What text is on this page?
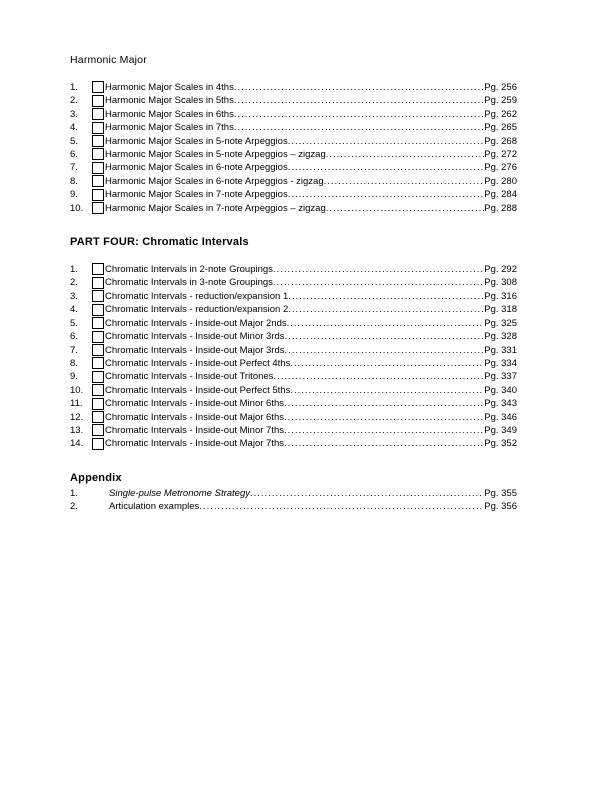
Harmonic Major
1.	Harmonic Major Scales in 4ths .....	Pg. 256
2.	Harmonic Major Scales in 5ths .....	Pg. 259
3.	Harmonic Major Scales in 6ths .....	Pg. 262
4.	Harmonic Major Scales in 7ths .....	Pg. 265
5.	Harmonic Major Scales in 5-note Arpeggios .....	Pg. 268
6.	Harmonic Major Scales in 5-note Arpeggios – zigzag .....	Pg. 272
7.	Harmonic Major Scales in 6-note Arpeggios .....	Pg. 276
8.	Harmonic Major Scales in 6-note Arpeggios - zigzag .....	Pg. 280
9.	Harmonic Major Scales in 7-note Arpeggios .....	Pg. 284
10.	Harmonic Major Scales in 7-note Arpeggios – zigzag .....	Pg. 288
PART FOUR: Chromatic Intervals
1.	Chromatic Intervals in 2-note Groupings .....	Pg. 292
2.	Chromatic Intervals in 3-note Groupings .....	Pg. 308
3.	Chromatic Intervals - reduction/expansion 1 .....	Pg. 316
4.	Chromatic Intervals - reduction/expansion 2 .....	Pg. 318
5.	Chromatic Intervals - Inside-out Major 2nds .....	Pg. 325
6.	Chromatic Intervals - Inside-out Minor 3rds .....	Pg. 328
7.	Chromatic Intervals - Inside-out Major 3rds .....	Pg. 331
8.	Chromatic Intervals - Inside-out Perfect 4ths .....	Pg. 334
9.	Chromatic Intervals - Inside-out Tritones .....	Pg. 337
10.	Chromatic Intervals - Inside-out Perfect 5ths .....	Pg. 340
11.	Chromatic Intervals - Inside-out Minor 6ths .....	Pg. 343
12.	Chromatic Intervals - Inside-out Major 6ths .....	Pg. 346
13.	Chromatic Intervals - Inside-out Minor 7ths .....	Pg. 349
14.	Chromatic Intervals - Inside-out Major 7ths .....	Pg. 352
Appendix
1.	Single-pulse Metronome Strategy .....	Pg. 355
2.	Articulation examples .....	Pg. 356
